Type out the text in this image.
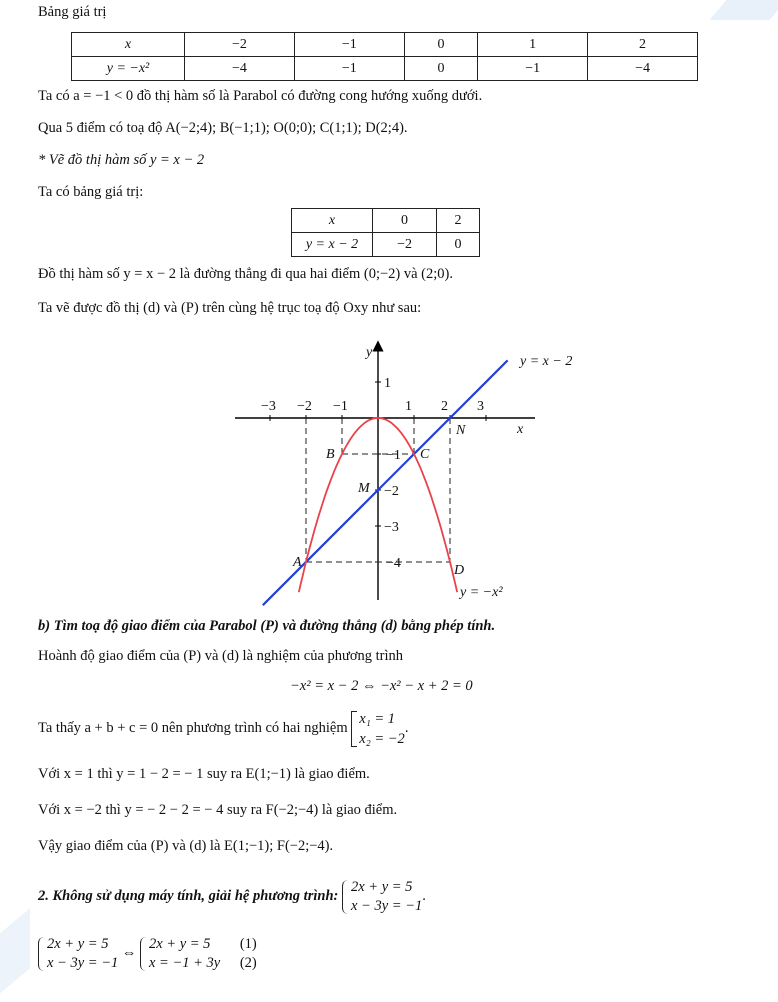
Bảng giá trị
x	−2	−1	0	1	2
y = −x²	−4	−1	0	−1	−4
Ta có a = −1 < 0 đồ thị hàm số là Parabol có đường cong hướng xuống dưới.
Qua 5 điểm có toạ độ A(−2;4); B(−1;1); O(0;0); C(1;1); D(2;4).
* Vẽ đồ thị hàm số y = x − 2
Ta có bảng giá trị:
x	0	2
y = x − 2	−2	0
Đồ thị hàm số y = x − 2 là đường thẳng đi qua hai điểm (0;−2) và (2;0).
Ta vẽ được đồ thị (d) và (P) trên cùng hệ trục toạ độ Oxy như sau:
y
x
−3 −2 −1	1 2 3
1
−1
−2
−3
−4
A
B	C
D
M
N
y = x − 2
y = −x²
b) Tìm toạ độ giao điểm của Parabol (P) và đường thẳng (d) bằng phép tính.
Hoành độ giao điểm của (P) và (d) là nghiệm của phương trình
−x² = x − 2 ⇔ −x² − x + 2 = 0
Ta thấy a + b + c = 0 nên phương trình có hai nghiệm
x₁ = 1
x₂ = −2
.
Với x = 1 thì y = 1 − 2 = − 1 suy ra E(1;−1) là giao điểm.
Với x = −2 thì y = − 2 − 2 = − 4 suy ra F(−2;−4) là giao điểm.
Vậy giao điểm của (P) và (d) là E(1;−1); F(−2;−4).
2. Không sử dụng máy tính, giải hệ phương trình:
2x + y = 5
x − 3y = −1
.
2x + y = 5
x − 3y = −1
⇔
2x + y = 5
x = −1 + 3y

(1)
(2)
